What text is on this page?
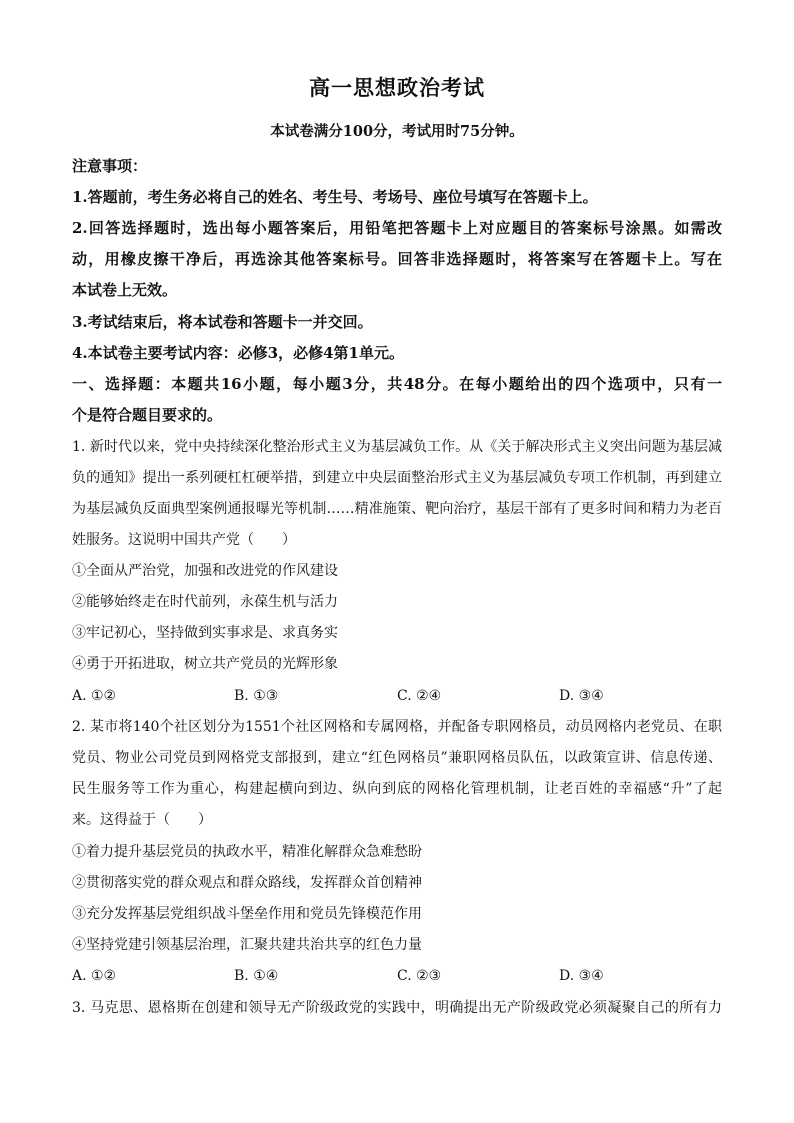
高一思想政治考试
本试卷满分100分，考试用时75分钟。
注意事项：
1.答题前，考生务必将自己的姓名、考生号、考场号、座位号填写在答题卡上。
2.回答选择题时，选出每小题答案后，用铅笔把答题卡上对应题目的答案标号涂黑。如需改
动，用橡皮擦干净后，再选涂其他答案标号。回答非选择题时，将答案写在答题卡上。写在
本试卷上无效。
3.考试结束后，将本试卷和答题卡一并交回。
4.本试卷主要考试内容：必修3，必修4第1单元。
一、选择题：本题共16小题，每小题3分，共48分。在每小题给出的四个选项中，只有一
个是符合题目要求的。
1. 新时代以来，党中央持续深化整治形式主义为基层减负工作。从《关于解决形式主义突出问题为基层减
负的通知》提出一系列硬杠杠硬举措，到建立中央层面整治形式主义为基层减负专项工作机制，再到建立
为基层减负反面典型案例通报曝光等机制……精准施策、靶向治疗，基层干部有了更多时间和精力为老百
姓服务。这说明中国共产党（　　）
①全面从严治党，加强和改进党的作风建设
②能够始终走在时代前列，永葆生机与活力
③牢记初心，坚持做到实事求是、求真务实
④勇于开拓进取，树立共产党员的光辉形象
A. ①②	B. ①③	C. ②④	D. ③④
2. 某市将140个社区划分为1551个社区网格和专属网格，并配备专职网格员，动员网格内老党员、在职
党员、物业公司党员到网格党支部报到，建立“红色网格员”兼职网格员队伍，以政策宣讲、信息传递、
民生服务等工作为重心，构建起横向到边、纵向到底的网格化管理机制，让老百姓的幸福感“升”了起
来。这得益于（　　）
①着力提升基层党员的执政水平，精准化解群众急难愁盼
②贯彻落实党的群众观点和群众路线，发挥群众首创精神
③充分发挥基层党组织战斗堡垒作用和党员先锋模范作用
④坚持党建引领基层治理，汇聚共建共治共享的红色力量
A. ①②	B. ①④	C. ②③	D. ③④
3. 马克思、恩格斯在创建和领导无产阶级政党的实践中，明确提出无产阶级政党必须凝聚自己的所有力
